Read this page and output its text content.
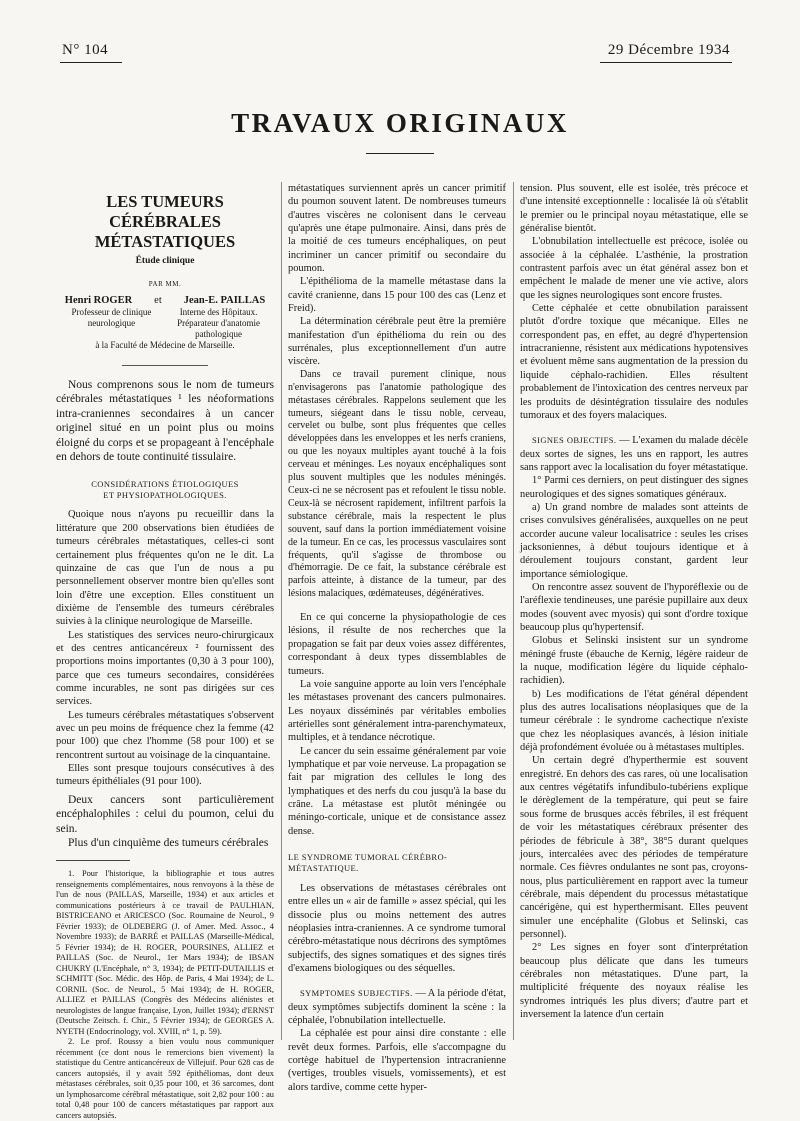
N° 104	29 Décembre 1934
TRAVAUX ORIGINAUX
LES TUMEURS CÉRÉBRALES
MÉTASTATIQUES
Étude clinique
PAR MM.
Henri ROGER et Jean-E. PAILLAS
Professeur de clinique neurologique
Interne des Hôpitaux. Préparateur d'anatomie pathologique
à la Faculté de Médecine de Marseille.

Nous comprenons sous le nom de tumeurs cérébrales métastatiques ¹ les néoformations intra-craniennes secondaires à un cancer originel situé en un point plus ou moins éloigné du corps et se propageant à l'encéphale en dehors de toute continuité tissulaire.

CONSIDÉRATIONS ÉTIOLOGIQUES
ET PHYSIOPATHOLOGIQUES.

Quoique nous n'ayons pu recueillir dans la littérature que 200 observations bien étudiées de tumeurs cérébrales métastatiques, celles-ci sont certainement plus fréquentes qu'on ne le dit. La quinzaine de cas que l'un de nous a pu personnellement observer montre bien qu'elles sont loin d'être une exception. Elles constituent un dixième de l'ensemble des tumeurs cérébrales suivies à la clinique neurologique de Marseille.

Les statistiques des services neuro-chirurgicaux et des centres anticancéreux ² fournissent des proportions moins importantes (0,30 à 3 pour 100), parce que ces tumeurs secondaires, considérées comme incurables, ne sont pas dirigées sur ces services.

Les tumeurs cérébrales métastatiques s'observent avec un peu moins de fréquence chez la femme (42 pour 100) que chez l'homme (58 pour 100) et se rencontrent surtout au voisinage de la cinquantaine.

Elles sont presque toujours consécutives à des tumeurs épithéliales (91 pour 100).

Deux cancers sont particulièrement encéphalophiles : celui du poumon, celui du sein.

Plus d'un cinquième des tumeurs cérébrales

1. Pour l'historique, la bibliographie et tous autres renseignements complémentaires, nous renvoyons à la thèse de l'un de nous (PAILLAS, Marseille, 1934) et aux articles et communications postérieurs à ce travail de PAULHIAN, BISTRICEANO et ARICESCO (Soc. Roumaine de Neurol., 9 Février 1933); de OLDEBERG (J. of Amer. Med. Assoc., 4 Novembre 1933); de BARRÉ et PAILLAS (Marseille-Médical, 5 Février 1934); de H. ROGER, POURSINES, ALLIEZ et PAILLAS (Soc. de Neurol., 1er Mars 1934); de IBSAN CHUKRY (L'Encéphale, n° 3, 1934); de PETIT-DUTAILLIS et SCHMITT (Soc. Médic. des Hôp. de Paris, 4 Mai 1934); de L. CORNIL (Soc. de Neurol., 5 Mai 1934); de H. ROGER, ALLIEZ et PAILLAS (Congrès des Médecins aliénistes et neurologistes de langue française, Lyon, Juillet 1934); d'ERNST (Deutsche Zeitsch. f. Chir., 5 Février 1934); de GEORGES A. NYETH (Endocrinology, vol. XVIII, n° 1, p. 59).

2. Le prof. Roussy a bien voulu nous communiquer récemment (ce dont nous le remercions bien vivement) la statistique du Centre anticancéreux de Villejuif. Pour 628 cas de cancers autopsiés, il y avait 592 épithéliomas, dont deux métastases cérébrales, soit 0,35 pour 100, et 36 sarcomes, dont un lymphosarcome cérébral métastatique, soit 2,82 pour 100 : au total 0,48 pour 100 de cancers métastatiques par rapport aux cancers autopsiés.

métastatiques surviennent après un cancer primitif du poumon souvent latent. De nombreuses tumeurs d'autres viscères ne colonisent dans le cerveau qu'après une étape pulmonaire. Ainsi, dans près de la moitié de ces tumeurs encéphaliques, on peut incriminer un cancer primitif ou secondaire du poumon.

L'épithélioma de la mamelle métastase dans la cavité cranienne, dans 15 pour 100 des cas (Lenz et Freid).

La détermination cérébrale peut être la première manifestation d'un épithélioma du rein ou des surrénales, plus exceptionnellement d'un autre viscère.

Dans ce travail purement clinique, nous n'envisagerons pas l'anatomie pathologique des métastases cérébrales. Rappelons seulement que les tumeurs, siégeant dans le tissu noble, cerveau, cervelet ou bulbe, sont plus fréquentes que celles développées dans les enveloppes et les nerfs craniens, ou que les noyaux multiples ayant touché à la fois cerveau et méninges. Les noyaux encéphaliques sont plus souvent multiples que les nodules méningés. Ceux-ci ne se nécrosent pas et refoulent le tissu noble. Ceux-là se nécrosent rapidement, infiltrent parfois la substance cérébrale, mais la respectent le plus souvent, sauf dans la portion immédiatement voisine de la tumeur. En ce cas, les processus vasculaires sont fréquents, qu'il s'agisse de thrombose ou d'hémorragie. De ce fait, la substance cérébrale est parfois atteinte, à distance de la tumeur, par des lésions malaciques, œdémateuses, dégénératives.

En ce qui concerne la physiopathologie de ces lésions, il résulte de nos recherches que la propagation se fait par deux voies assez différentes, correspondant à deux types dissemblables de tumeurs.

La voie sanguine apporte au loin vers l'encéphale les métastases provenant des cancers pulmonaires. Les noyaux disséminés par véritables embolies artérielles sont généralement intra-parenchymateux, multiples, et à tendance nécrotique.

Le cancer du sein essaime généralement par voie lymphatique et par voie nerveuse. La propagation se fait par migration des cellules le long des lymphatiques et des nerfs du cou jusqu'à la base du crâne. La métastase est plutôt méningée ou méningo-corticale, unique et de consistance assez dense.

LE SYNDROME TUMORAL CÉRÉBRO-MÉTASTATIQUE.

Les observations de métastases cérébrales ont entre elles un « air de famille » assez spécial, qui les dissocie plus ou moins nettement des autres néoplasies intra-craniennes. A ce syndrome tumoral cérébro-métastatique nous décrirons des symptômes subjectifs, des signes somatiques et des signes tirés d'examens biologiques ou des séquelles.

SYMPTOMES SUBJECTIFS. — A la période d'état, deux symptômes subjectifs dominent la scène : la céphalée, l'obnubilation intellectuelle.

La céphalée est pour ainsi dire constante : elle revêt deux formes. Parfois, elle s'accompagne du cortège habituel de l'hypertension intracranienne (vertiges, troubles visuels, vomissements), et est alors tardive, comme cette hyper-

tension. Plus souvent, elle est isolée, très précoce et d'une intensité exceptionnelle : localisée là où s'établit le premier ou le principal noyau métastatique, elle se généralise bientôt.

L'obnubilation intellectuelle est précoce, isolée ou associée à la céphalée. L'asthénie, la prostration contrastent parfois avec un état général assez bon et empêchent le malade de mener une vie active, alors que les signes neurologiques sont encore frustes.

Cette céphalée et cette obnubilation paraissent plutôt d'ordre toxique que mécanique. Elles ne correspondent pas, en effet, au degré d'hypertension intracranienne, résistent aux médications hypotensives et évoluent même sans augmentation de la pression du liquide céphalo-rachidien. Elles résultent probablement de l'intoxication des centres nerveux par les produits de désintégration tissulaire des nodules tumoraux et des foyers malaciques.

SIGNES OBJECTIFS. — L'examen du malade décèle deux sortes de signes, les uns en rapport, les autres sans rapport avec la localisation du foyer métastatique.

1° Parmi ces derniers, on peut distinguer des signes neurologiques et des signes somatiques généraux.

a) Un grand nombre de malades sont atteints de crises convulsives généralisées, auxquelles on ne peut accorder aucune valeur localisatrice : seules les crises jacksoniennes, à début toujours identique et à déroulement toujours constant, gardent leur importance sémiologique.

On rencontre assez souvent de l'hyporéflexie ou de l'aréflexie tendineuses, une parésie pupillaire aux deux modes (souvent avec myosis) qui sont d'ordre toxique beaucoup plus qu'hypertensif.

Globus et Selinski insistent sur un syndrome méningé fruste (ébauche de Kernig, légère raideur de la nuque, modification légère du liquide céphalo-rachidien).

b) Les modifications de l'état général dépendent plus des autres localisations néoplasiques que de la tumeur cérébrale : le syndrome cachectique n'existe que chez les néoplasiques avancés, à lésion initiale déjà profondément évoluée ou à métastases multiples.

Un certain degré d'hyperthermie est souvent enregistré. En dehors des cas rares, où une localisation aux centres végétatifs infundibulo-tubériens explique le dérèglement de la température, qui peut se faire sous forme de brusques accès fébriles, il est fréquent de voir les métastatiques cérébraux présenter des périodes de fébricule à 38°, 38°5 durant quelques jours, intercalées avec des périodes de température normale. Ces fièvres ondulantes ne sont pas, croyons-nous, plus particulièrement en rapport avec la tumeur cérébrale, mais dépendent du processus métastatique cancérigène, qui est hyperthermisant. Elles peuvent simuler une encéphalite (Globus et Selinski, cas personnel).

2° Les signes en foyer sont d'interprétation beaucoup plus délicate que dans les tumeurs cérébrales non métastatiques. D'une part, la multiplicité fréquente des noyaux réalise les syndromes intriqués les plus divers; d'autre part et inversement la latence d'un certain
